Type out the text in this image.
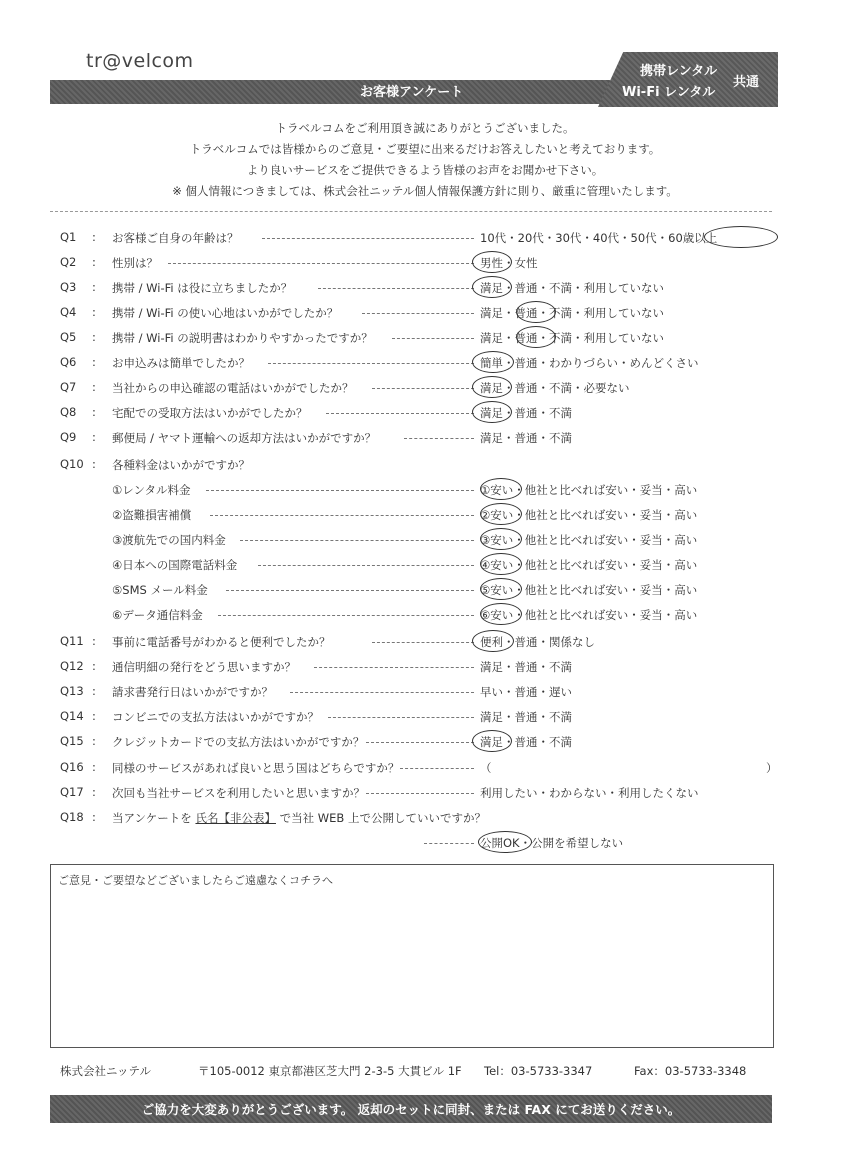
tr@velcom
お客様アンケート
携帯レンタル
Wi-Fi レンタル
共通
トラベルコムをご利用頂き誠にありがとうございました。
トラベルコムでは皆様からのご意見・ご要望に出来るだけお答えしたいと考えております。
より良いサービスをご提供できるよう皆様のお声をお聞かせ下さい。
※ 個人情報につきましては、株式会社ニッテル個人情報保護方針に則り、厳重に管理いたします。
Q1 : お客様ご自身の年齢は？	10代・20代・30代・40代・50代・60歳以上
Q2 : 性別は？	男性・女性
Q3 : 携帯 / Wi-Fi は役に立ちましたか？	満足・普通・不満・利用していない
Q4 : 携帯 / Wi-Fi の使い心地はいかがでしたか？	満足・普通・不満・利用していない
Q5 : 携帯 / Wi-Fi の説明書はわかりやすかったですか？	満足・普通・不満・利用していない
Q6 : お申込みは簡単でしたか？	簡単・普通・わかりづらい・めんどくさい
Q7 : 当社からの申込確認の電話はいかがでしたか？	満足・普通・不満・必要ない
Q8 : 宅配での受取方法はいかがでしたか？	満足・普通・不満
Q9 : 郵便局 / ヤマト運輸への返却方法はいかがですか？	満足・普通・不満
Q10 : 各種料金はいかがですか？
①レンタル料金	①安い・他社と比べれば安い・妥当・高い
②盗難損害補償	②安い・他社と比べれば安い・妥当・高い
③渡航先での国内料金	③安い・他社と比べれば安い・妥当・高い
④日本への国際電話料金	④安い・他社と比べれば安い・妥当・高い
⑤SMS メール料金	⑤安い・他社と比べれば安い・妥当・高い
⑥データ通信料金	⑥安い・他社と比べれば安い・妥当・高い
Q11 : 事前に電話番号がわかると便利でしたか？	便利・普通・関係なし
Q12 : 通信明細の発行をどう思いますか？	満足・普通・不満
Q13 : 請求書発行日はいかがですか？	早い・普通・遅い
Q14 : コンビニでの支払方法はいかがですか？	満足・普通・不満
Q15 : クレジットカードでの支払方法はいかがですか？	満足・普通・不満
Q16 : 同様のサービスがあれば良いと思う国はどちらですか？	（	）
Q17 : 次回も当社サービスを利用したいと思いますか？	利用したい・わからない・利用したくない
Q18 : 当アンケートを 氏名【非公表】 で当社 WEB 上で公開していいですか？
公開OK・公開を希望しない
ご意見・ご要望などございましたらご遠慮なくコチラへ
株式会社ニッテル	〒105-0012 東京都港区芝大門 2-3-5 大貫ビル 1F Tel：03-5733-3347	Fax：03-5733-3348
ご協力を大変ありがとうございます。 返却のセットに同封、または FAX にてお送りください。
